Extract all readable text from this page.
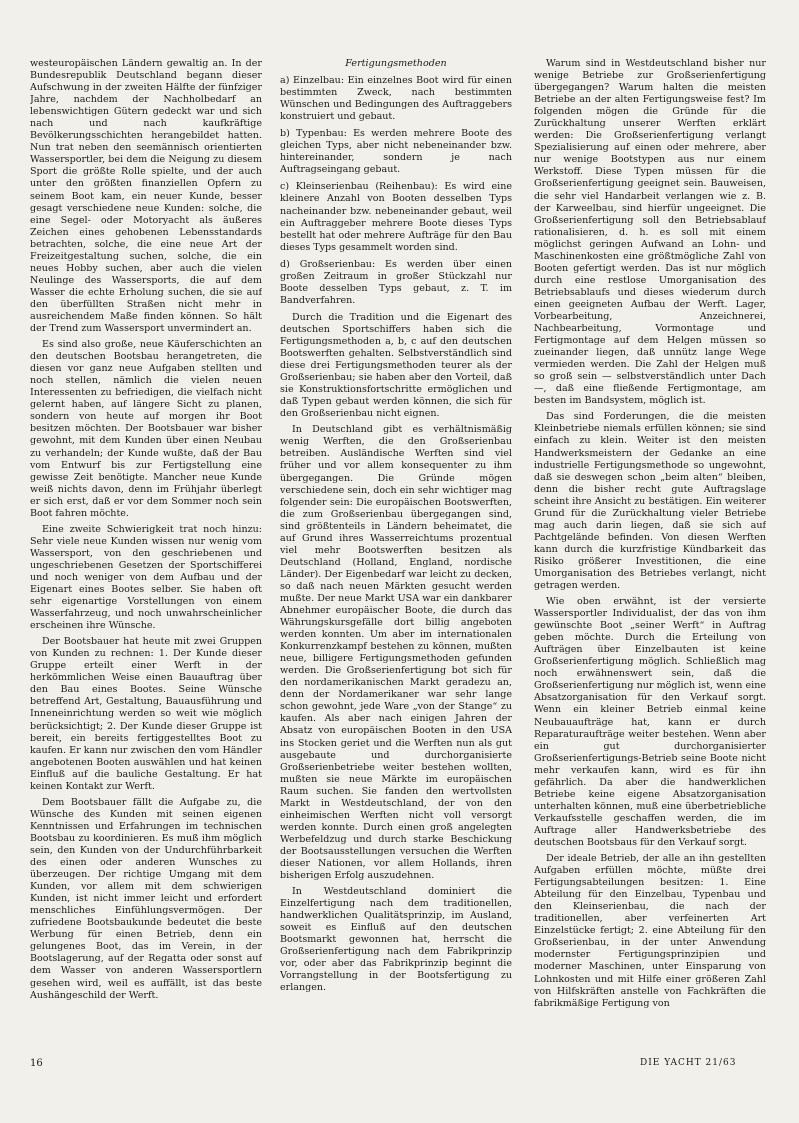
westeuropäischen Ländern gewaltig an. In der Bundesrepublik Deutschland begann dieser Aufschwung in der zweiten Hälfte der fünfziger Jahre, nachdem der Nachholbedarf an lebenswichtigen Gütern gedeckt war und sich nach und nach kaufkräftige Bevölkerungsschichten herangebildet hatten. Nun trat neben den seemännisch orientierten Wassersportler, bei dem die Neigung zu diesem Sport die größte Rolle spielte, und der auch unter den größten finanziellen Opfern zu seinem Boot kam, ein neuer Kunde, besser gesagt verschiedene neue Kunden: solche, die eine Segel- oder Motoryacht als äußeres Zeichen eines gehobenen Lebensstandards betrachten, solche, die eine neue Art der Freizeitgestaltung suchen, solche, die ein neues Hobby suchen, aber auch die vielen Neulinge des Wassersports, die auf dem Wasser die echte Erholung suchen, die sie auf den überfüllten Straßen nicht mehr in ausreichendem Maße finden können. So hält der Trend zum Wassersport unvermindert an.

Es sind also große, neue Käuferschichten an den deutschen Bootsbau herangetreten, die diesen vor ganz neue Aufgaben stellten und noch stellen, nämlich die vielen neuen Interessenten zu befriedigen, die vielfach nicht gelernt haben, auf längere Sicht zu planen, sondern von heute auf morgen ihr Boot besitzen möchten. Der Bootsbauer war bisher gewohnt, mit dem Kunden über einen Neubau zu verhandeln; der Kunde wußte, daß der Bau vom Entwurf bis zur Fertigstellung eine gewisse Zeit benötigte. Mancher neue Kunde weiß nichts davon, denn im Frühjahr überlegt er sich erst, daß er vor dem Sommer noch sein Boot fahren möchte.

Eine zweite Schwierigkeit trat noch hinzu: Sehr viele neue Kunden wissen nur wenig vom Wassersport, von den geschriebenen und ungeschriebenen Gesetzen der Sportschifferei und noch weniger von dem Aufbau und der Eigenart eines Bootes selber. Sie haben oft sehr eigenartige Vorstellungen von einem Wasserfahrzeug, und noch unwahrscheinlicher erscheinen ihre Wünsche.

Der Bootsbauer hat heute mit zwei Gruppen von Kunden zu rechnen: 1. Der Kunde dieser Gruppe erteilt einer Werft in der herkömmlichen Weise einen Bauauftrag über den Bau eines Bootes. Seine Wünsche betreffend Art, Gestaltung, Bauausführung und Inneneinrichtung werden so weit wie möglich berücksichtigt; 2. Der Kunde dieser Gruppe ist bereit, ein bereits fertiggestelltes Boot zu kaufen. Er kann nur zwischen den vom Händler angebotenen Booten auswählen und hat keinen Einfluß auf die bauliche Gestaltung. Er hat keinen Kontakt zur Werft.

Dem Bootsbauer fällt die Aufgabe zu, die Wünsche des Kunden mit seinen eigenen Kenntnissen und Erfahrungen im technischen Bootsbau zu koordinieren. Es muß ihm möglich sein, den Kunden von der Undurchführbarkeit des einen oder anderen Wunsches zu überzeugen. Der richtige Umgang mit dem Kunden, vor allem mit dem schwierigen Kunden, ist nicht immer leicht und erfordert menschliches Einfühlungsvermögen. Der zufriedene Bootsbaukunde bedeutet die beste Werbung für einen Betrieb, denn ein gelungenes Boot, das im Verein, in der Bootslagerung, auf der Regatta oder sonst auf dem Wasser von anderen Wassersportlern gesehen wird, weil es auffällt, ist das beste Aushängeschild der Werft.

Fertigungsmethoden

a) Einzelbau: Ein einzelnes Boot wird für einen bestimmten Zweck, nach bestimmten Wünschen und Bedingungen des Auftraggebers konstruiert und gebaut.

b) Typenbau: Es werden mehrere Boote des gleichen Typs, aber nicht nebeneinander bzw. hintereinander, sondern je nach Auftragseingang gebaut.

c) Kleinserienbau (Reihenbau): Es wird eine kleinere Anzahl von Booten desselben Typs nacheinander bzw. nebeneinander gebaut, weil ein Auftraggeber mehrere Boote dieses Typs bestellt hat oder mehrere Aufträge für den Bau dieses Typs gesammelt worden sind.

d) Großserienbau: Es werden über einen großen Zeitraum in großer Stückzahl nur Boote desselben Typs gebaut, z. T. im Bandverfahren.

Durch die Tradition und die Eigenart des deutschen Sportschiffers haben sich die Fertigungsmethoden a, b, c auf den deutschen Bootswerften gehalten. Selbstverständlich sind diese drei Fertigungsmethoden teurer als der Großserienbau; sie haben aber den Vorteil, daß sie Konstruktionsfortschritte ermöglichen und daß Typen gebaut werden können, die sich für den Großserienbau nicht eignen.

In Deutschland gibt es verhältnismäßig wenig Werften, die den Großserienbau betreiben. Ausländische Werften sind viel früher und vor allem konsequenter zu ihm übergegangen. Die Gründe mögen verschiedene sein, doch ein sehr wichtiger mag folgender sein: Die europäischen Bootswerften, die zum Großserienbau übergegangen sind, sind größtenteils in Ländern beheimatet, die auf Grund ihres Wasserreichtums prozentual viel mehr Bootswerften besitzen als Deutschland (Holland, England, nordische Länder). Der Eigenbedarf war leicht zu decken, so daß nach neuen Märkten gesucht werden mußte. Der neue Markt USA war ein dankbarer Abnehmer europäischer Boote, die durch das Währungskursgefälle dort billig angeboten werden konnten. Um aber im internationalen Konkurrenzkampf bestehen zu können, mußten neue, billigere Fertigungsmethoden gefunden werden. Die Großserienfertigung bot sich für den nordamerikanischen Markt geradezu an, denn der Nordamerikaner war sehr lange schon gewohnt, jede Ware „von der Stange“ zu kaufen. Als aber nach einigen Jahren der Absatz von europäischen Booten in den USA ins Stocken geriet und die Werften nun als gut ausgebaute und durchorganisierte Großserienbetriebe weiter bestehen wollten, mußten sie neue Märkte im europäischen Raum suchen. Sie fanden den wertvollsten Markt in Westdeutschland, der von den einheimischen Werften nicht voll versorgt werden konnte. Durch einen groß angelegten Werbefeldzug und durch starke Beschickung der Bootsausstellungen versuchen die Werften dieser Nationen, vor allem Hollands, ihren bisherigen Erfolg auszudehnen.

In Westdeutschland dominiert die Einzelfertigung nach dem traditionellen, handwerklichen Qualitätsprinzip, im Ausland, soweit es Einfluß auf den deutschen Bootsmarkt gewonnen hat, herrscht die Großserienfertigung nach dem Fabrikprinzip vor, oder aber das Fabrikprinzip beginnt die Vorrangstellung in der Bootsfertigung zu erlangen.

Warum sind in Westdeutschland bisher nur wenige Betriebe zur Großserienfertigung übergegangen? Warum halten die meisten Betriebe an der alten Fertigungsweise fest? Im folgenden mögen die Gründe für die Zurückhaltung unserer Werften erklärt werden: Die Großserienfertigung verlangt Spezialisierung auf einen oder mehrere, aber nur wenige Bootstypen aus nur einem Werkstoff. Diese Typen müssen für die Großserienfertigung geeignet sein. Bauweisen, die sehr viel Handarbeit verlangen wie z. B. der Karweelbau, sind hierfür ungeeignet. Die Großserienfertigung soll den Betriebsablauf rationalisieren, d. h. es soll mit einem möglichst geringen Aufwand an Lohn- und Maschinenkosten eine größtmögliche Zahl von Booten gefertigt werden. Das ist nur möglich durch eine restlose Umorganisation des Betriebsablaufs und dieses wiederum durch einen geeigneten Aufbau der Werft. Lager, Vorbearbeitung, Anzeichnerei, Nachbearbeitung, Vormontage und Fertigmontage auf dem Helgen müssen so zueinander liegen, daß unnütz lange Wege vermieden werden. Die Zahl der Helgen muß so groß sein — selbstverständlich unter Dach —, daß eine fließende Fertigmontage, am besten im Bandsystem, möglich ist.

Das sind Forderungen, die die meisten Kleinbetriebe niemals erfüllen können; sie sind einfach zu klein. Weiter ist den meisten Handwerksmeistern der Gedanke an eine industrielle Fertigungsmethode so ungewohnt, daß sie deswegen schon „beim alten“ bleiben, denn die bisher recht gute Auftragslage scheint ihre Ansicht zu bestätigen. Ein weiterer Grund für die Zurückhaltung vieler Betriebe mag auch darin liegen, daß sie sich auf Pachtgelände befinden. Von diesen Werften kann durch die kurzfristige Kündbarkeit das Risiko größerer Investitionen, die eine Umorganisation des Betriebes verlangt, nicht getragen werden.

Wie oben erwähnt, ist der versierte Wassersportler Individualist, der das von ihm gewünschte Boot „seiner Werft“ in Auftrag geben möchte. Durch die Erteilung von Aufträgen über Einzelbauten ist keine Großserienfertigung möglich. Schließlich mag noch erwähnenswert sein, daß die Großserienfertigung nur möglich ist, wenn eine Absatzorganisation für den Verkauf sorgt. Wenn ein kleiner Betrieb einmal keine Neubauaufträge hat, kann er durch Reparaturaufträge weiter bestehen. Wenn aber ein gut durchorganisierter Großserienfertigungs-Betrieb seine Boote nicht mehr verkaufen kann, wird es für ihn gefährlich. Da aber die handwerklichen Betriebe keine eigene Absatzorganisation unterhalten können, muß eine überbetriebliche Verkaufsstelle geschaffen werden, die im Auftrage aller Handwerksbetriebe des deutschen Bootsbaus für den Verkauf sorgt.

Der ideale Betrieb, der alle an ihn gestellten Aufgaben erfüllen möchte, müßte drei Fertigungsabteilungen besitzen: 1. Eine Abteilung für den Einzelbau, Typenbau und den Kleinserienbau, die nach der traditionellen, aber verfeinerten Art Einzelstücke fertigt; 2. eine Abteilung für den Großserienbau, in der unter Anwendung modernster Fertigungsprinzipien und moderner Maschinen, unter Einsparung von Lohnkosten und mit Hilfe einer größeren Zahl von Hilfskräften anstelle von Fachkräften die fabrikmäßige Fertigung von

16	DIE YACHT 21/63
